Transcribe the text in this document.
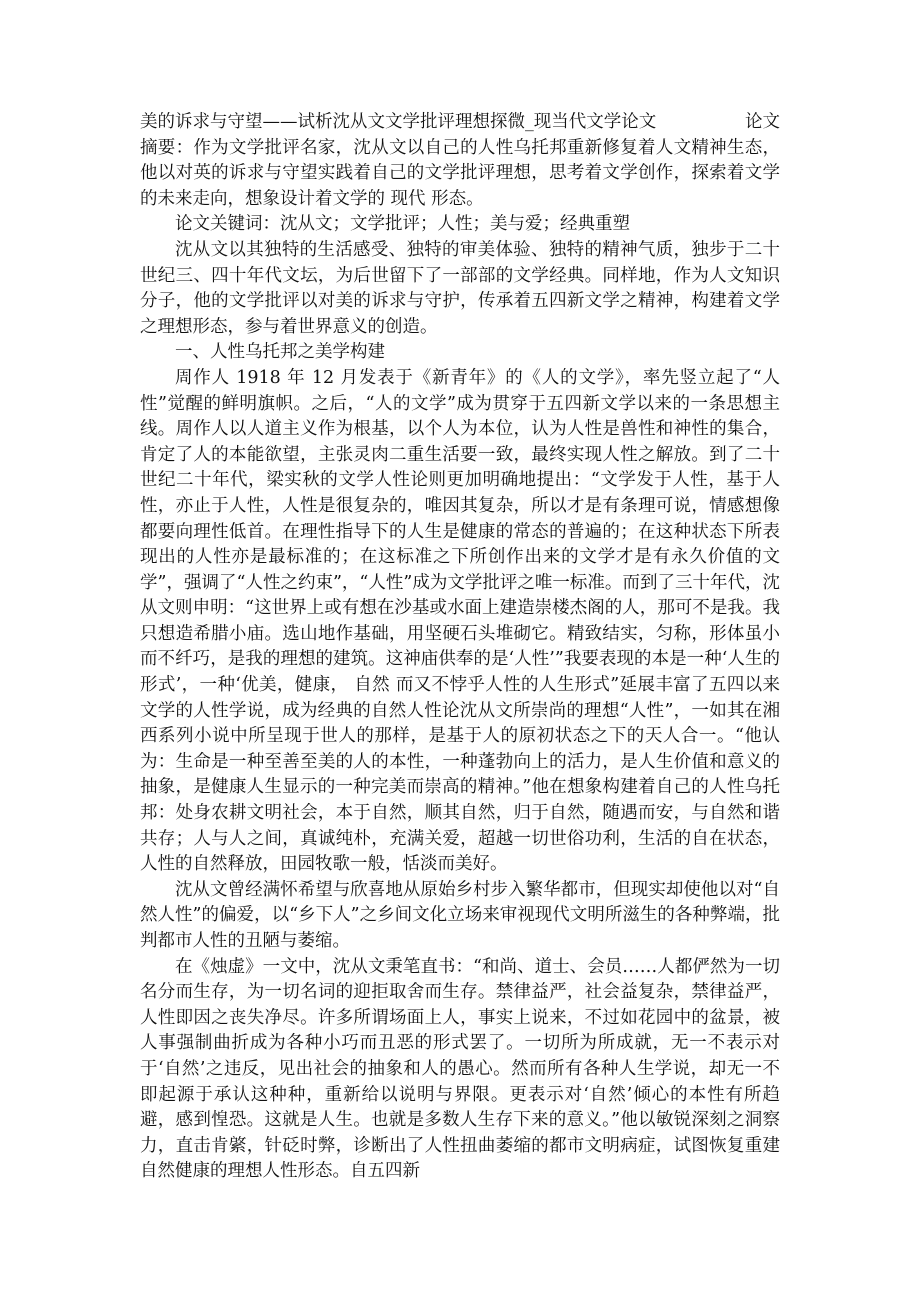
美的诉求与守望——试析沈从文文学批评理想探微_现当代文学论文	论文

摘要：作为文学批评名家，沈从文以自己的人性乌托邦重新修复着人文精神生态，他以对英的诉求与守望实践着自己的文学批评理想，思考着文学创作，探索着文学的未来走向，想象设计着文学的 现代 形态。

论文关键词：沈从文；文学批评；人性；美与爱；经典重塑

沈从文以其独特的生活感受、独特的审美体验、独特的精神气质，独步于二十世纪三、四十年代文坛，为后世留下了一部部的文学经典。同样地，作为人文知识分子，他的文学批评以对美的诉求与守护，传承着五四新文学之精神，构建着文学之理想形态，参与着世界意义的创造。

一、人性乌托邦之美学构建

周作人 1918 年 12 月发表于《新青年》的《人的文学》，率先竖立起了“人性”觉醒的鲜明旗帜。之后，“人的文学”成为贯穿于五四新文学以来的一条思想主线。周作人以人道主义作为根基，以个人为本位，认为人性是兽性和神性的集合，肯定了人的本能欲望，主张灵肉二重生活要一致，最终实现人性之解放。到了二十世纪二十年代，梁实秋的文学人性论则更加明确地提出：“文学发于人性，基于人性，亦止于人性，人性是很复杂的，唯因其复杂，所以才是有条理可说，情感想像都要向理性低首。在理性指导下的人生是健康的常态的普遍的；在这种状态下所表现出的人性亦是最标准的；在这标准之下所创作出来的文学才是有永久价值的文学”，强调了“人性之约束”，“人性”成为文学批评之唯一标准。而到了三十年代，沈从文则申明：“这世界上或有想在沙基或水面上建造崇楼杰阁的人，那可不是我。我只想造希腊小庙。选山地作基础，用坚硬石头堆砌它。精致结实，匀称，形体虽小而不纤巧，是我的理想的建筑。这神庙供奉的是‘人性’”我要表现的本是一种‘人生的形式’，一种‘优美，健康， 自然 而又不悖乎人性的人生形式”延展丰富了五四以来文学的人性学说，成为经典的自然人性论沈从文所崇尚的理想“人性”，一如其在湘西系列小说中所呈现于世人的那样，是基于人的原初状态之下的天人合一。“他认为：生命是一种至善至美的人的本性，一种蓬勃向上的活力，是人生价值和意义的抽象，是健康人生显示的一种完美而崇高的精神。”他在想象构建着自己的人性乌托邦：处身农耕文明社会，本于自然，顺其自然，归于自然，随遇而安，与自然和谐共存；人与人之间，真诚纯朴，充满关爱，超越一切世俗功利，生活的自在状态，人性的自然释放，田园牧歌一般，恬淡而美好。

沈从文曾经满怀希望与欣喜地从原始乡村步入繁华都市，但现实却使他以对“自然人性”的偏爱，以“乡下人”之乡间文化立场来审视现代文明所滋生的各种弊端，批判都市人性的丑陋与萎缩。

在《烛虚》一文中，沈从文秉笔直书：“和尚、道士、会员……人都俨然为一切名分而生存，为一切名词的迎拒取舍而生存。禁律益严，社会益复杂，禁律益严，人性即因之丧失净尽。许多所谓场面上人，事实上说来，不过如花园中的盆景，被人事强制曲折成为各种小巧而丑恶的形式罢了。一切所为所成就，无一不表示对于‘自然’之违反，见出社会的抽象和人的愚心。然而所有各种人生学说，却无一不即起源于承认这种种，重新给以说明与界限。更表示对‘自然’倾心的本性有所趋避，感到惶恐。这就是人生。也就是多数人生存下来的意义。”他以敏锐深刻之洞察力，直击肯綮，针砭时弊，诊断出了人性扭曲萎缩的都市文明病症，试图恢复重建自然健康的理想人性形态。自五四新
